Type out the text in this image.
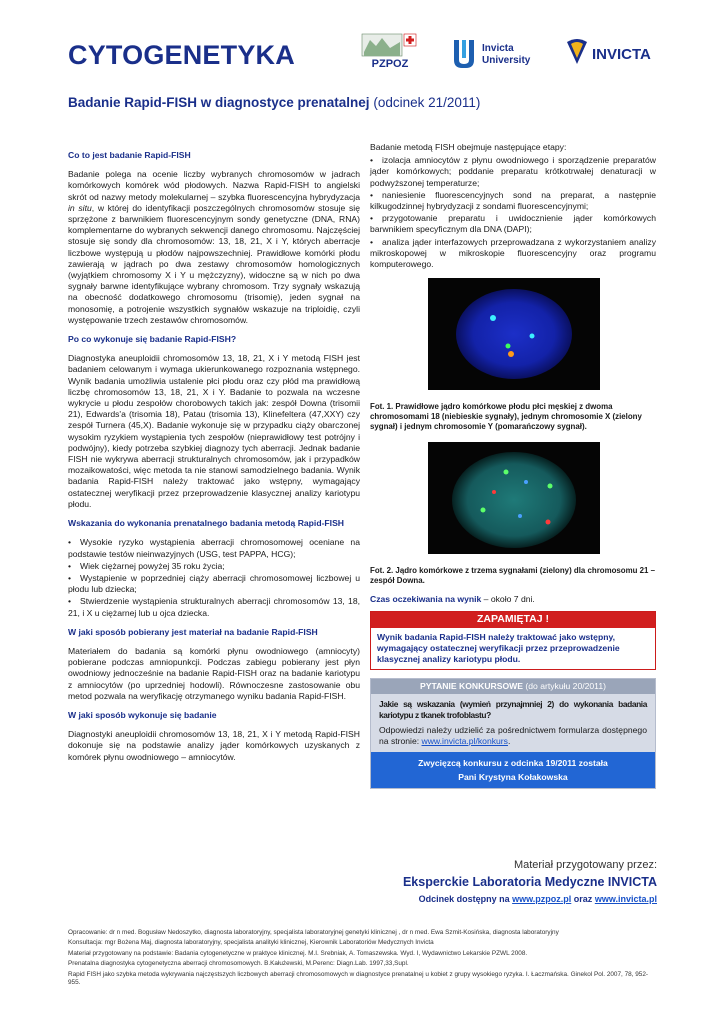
CYTOGENETYKA	PZPOZ
Invicta
University	INVICTA
Badanie Rapid-FISH w diagnostyce prenatalnej (odcinek 21/2011)
Co to jest badanie Rapid-FISH
Badanie polega na ocenie liczby wybranych chromosomów w jadrach komórkowych komórek wód płodowych. Nazwa Rapid-FISH to angielski skrót od nazwy metody molekularnej – szybka fluorescencyjna hybrydyzacja in situ, w której do identyfikacji poszczególnych chromosomów stosuje się sprzężone z barwnikiem fluorescencyjnym sondy genetyczne (DNA, RNA) komplementarne do wybranych sekwencji danego chromosomu. Najczęściej stosuje się sondy dla chromosomów: 13, 18, 21, X i Y, których aberracje liczbowe występują u płodów najpowszechniej. Prawidłowe komórki płodu zawierają w jądrach po dwa zestawy chromosomów homologicznych (wyjątkiem chromosomy X i Y u mężczyzny), widoczne są w nich po dwa sygnały barwne identyfikujące wybrany chromosom. Trzy sygnały wskazują na obecność dodatkowego chromosomu (trisomię), jeden sygnał na monosomię, a potrojenie wszystkich sygnałów wskazuje na triploidię, czyli występowanie trzech zestawów chromosomów.
Po co wykonuje się badanie Rapid-FISH?
Diagnostyka aneuploidii chromosomów 13, 18, 21, X i Y metodą FISH jest badaniem celowanym i wymaga ukierunkowanego rozpoznania wstępnego. Wynik badania umożliwia ustalenie płci płodu oraz czy płód ma prawidłową liczbę chromosomów 13, 18, 21, X i Y. Badanie to pozwala na wczesne wykrycie u płodu zespołów chorobowych takich jak: zespół Downa (trisomii 21), Edwards'a (trisomia 18), Patau (trisomia 13), Klinefeltera (47,XXY) czy zespół Turnera (45,X). Badanie wykonuje się w przypadku ciąży obarczonej wysokim ryzykiem wystąpienia tych zespołów (nieprawidłowy test potrójny i podwójny), kiedy potrzeba szybkiej diagnozy tych aberracji. Jednak badanie FISH nie wykrywa aberracji strukturalnych chromosomów, jak i przypadków mozaikowatości, więc metoda ta nie stanowi samodzielnego badania. Wynik badania Rapid-FISH należy traktować jako wstępny, wymagający ostatecznej weryfikacji przez przeprowadzenie klasycznej analizy kariotypu płodu.
Wskazania do wykonania prenatalnego badania metodą Rapid-FISH
• Wysokie ryzyko wystąpienia aberracji chromosomowej oceniane na podstawie testów nieinwazyjnych (USG, test PAPPA, HCG);
• Wiek ciężarnej powyżej 35 roku życia;
• Wystąpienie w poprzedniej ciąży aberracji chromosomowej liczbowej u płodu lub dziecka;
• Stwierdzenie wystąpienia strukturalnych aberracji chromosomów 13, 18, 21, i X u ciężarnej lub u ojca dziecka.
W jaki sposób pobierany jest materiał na badanie Rapid-FISH
Materiałem do badania są komórki płynu owodniowego (amniocyty) pobierane podczas amniopunkcji. Podczas zabiegu pobierany jest płyn owodniowy jednocześnie na badanie Rapid-FISH oraz na badanie kariotypu z amniocytów (po uprzedniej hodowli). Równoczesne zastosowanie obu metod pozwala na weryfikację otrzymanego wyniku badania Rapid-FISH.
W jaki sposób wykonuje się badanie
Diagnostyki aneuploidii chromosomów 13, 18, 21, X i Y metodą Rapid-FISH dokonuje się na podstawie analizy jąder komórkowych uzyskanych z komórek płynu owodniowego – amniocytów.
Badanie metodą FISH obejmuje następujące etapy:
• izolacja amniocytów z płynu owodniowego i sporządzenie preparatów jąder komórkowych; poddanie preparatu krótkotrwałej denaturacji w podwyższonej temperaturze;
• naniesienie fluorescencyjnych sond na preparat, a następnie kilkugodzinnej hybrydyzacji z sondami fluorescencyjnymi;
• przygotowanie preparatu i uwidocznienie jąder komórkowych barwnikiem specyficznym dla DNA (DAPI);
• analiza jąder interfazowych przeprowadzana z wykorzystaniem analizy mikroskopowej w mikroskopie fluorescencyjny oraz programu komputerowego.
Fot. 1. Prawidłowe jądro komórkowe płodu płci męskiej z dwoma chromosomami 18 (niebieskie sygnały), jednym chromosomie X (zielony sygnał) i jednym chromosomie Y (pomarańczowy sygnał).
Fot. 2. Jądro komórkowe z trzema sygnałami (zielony) dla chromosomu 21 – zespół Downa.
Czas oczekiwania na wynik – około 7 dni.
ZAPAMIĘTAJ !
Wynik badania Rapid-FISH należy traktować jako wstępny, wymagający ostatecznej weryfikacji przez przeprowadzenie klasycznej analizy kariotypu płodu.
PYTANIE KONKURSOWE (do artykułu 20/2011)
Jakie są wskazania (wymień przynajmniej 2) do wykonania badania kariotypu z tkanek trofoblastu?
Odpowiedzi należy udzielić za pośrednictwem formularza dostępnego na stronie: www.invicta.pl/konkurs.
Zwycięzcą konkursu z odcinka 19/2011 została
Pani Krystyna Kołakowska
Materiał przygotowany przez:
Eksperckie Laboratoria Medyczne INVICTA
Odcinek dostępny na www.pzpoz.pl oraz www.invicta.pl

Opracowanie: dr n med. Bogusław Nedoszytko, diagnosta laboratoryjny, specjalista laboratoryjnej genetyki klinicznej , dr n med. Ewa Szmit-Kosińska, diagnosta laboratoryjny

Konsultacja: mgr Bożena Maj, diagnosta laboratoryjny, specjalista analityki klinicznej, Kierownik Laboratoriów Medycznych Invicta

Materiał przygotowany na podstawie: Badania cytogenetyczne w praktyce klinicznej. M.I. Srebniak, A. Tomaszewska. Wyd. I, Wydawnictwo Lekarskie PZWL 2008.

Prenatalna diagnostyka cytogenetyczna aberracji chromosomowych. B.Kałużewski, M.Perenc: Diagn.Lab. 1997,33,Supl.

Rapid FISH jako szybka metoda wykrywania najczęstszych liczbowych aberracji chromosomowych w diagnostyce prenatalnej u kobiet z grupy wysokiego ryzyka. I. Łaczmańska. Ginekol Pol. 2007, 78, 952-955.
